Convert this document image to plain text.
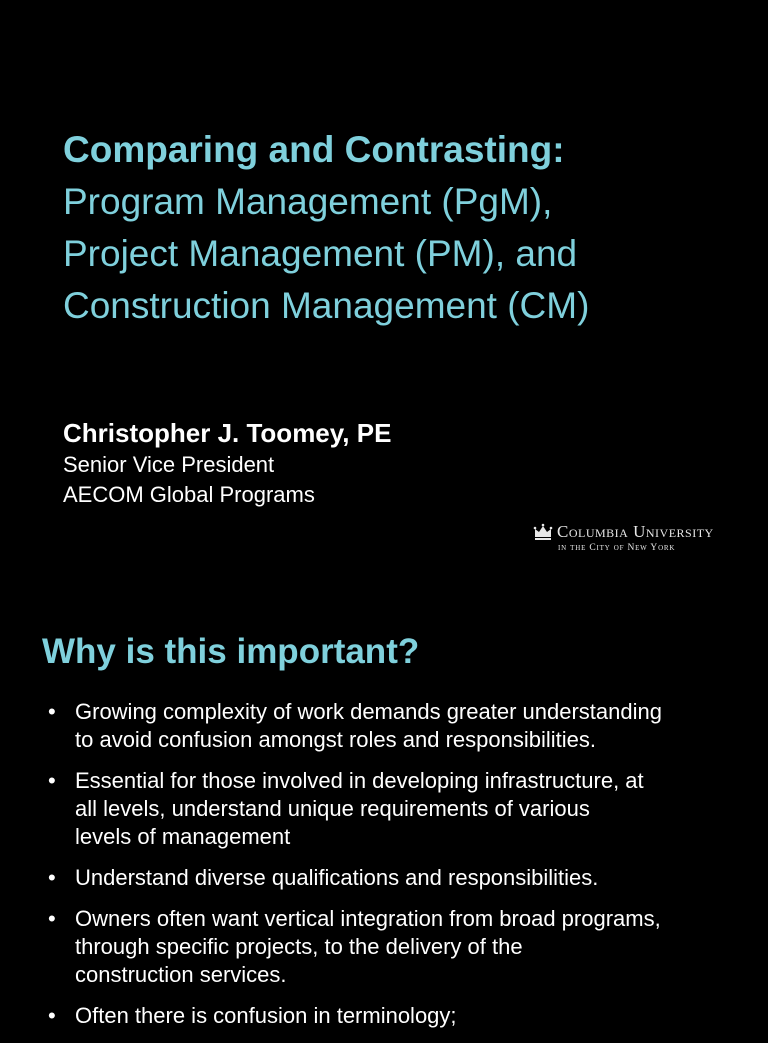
Comparing and Contrasting:
Program Management (PgM),
Project Management (PM), and
Construction Management (CM)
Christopher J. Toomey, PE
Senior Vice President
AECOM Global Programs
Columbia University
in the City of New York
Why is this important?
• Growing complexity of work demands greater understanding
to avoid confusion amongst roles and responsibilities.
• Essential for those involved in developing infrastructure, at
all levels, understand unique requirements of various
levels of management
• Understand diverse qualifications and responsibilities.
• Owners often want vertical integration from broad programs,
through specific projects, to the delivery of the
construction services.
• Often there is confusion in terminology;
